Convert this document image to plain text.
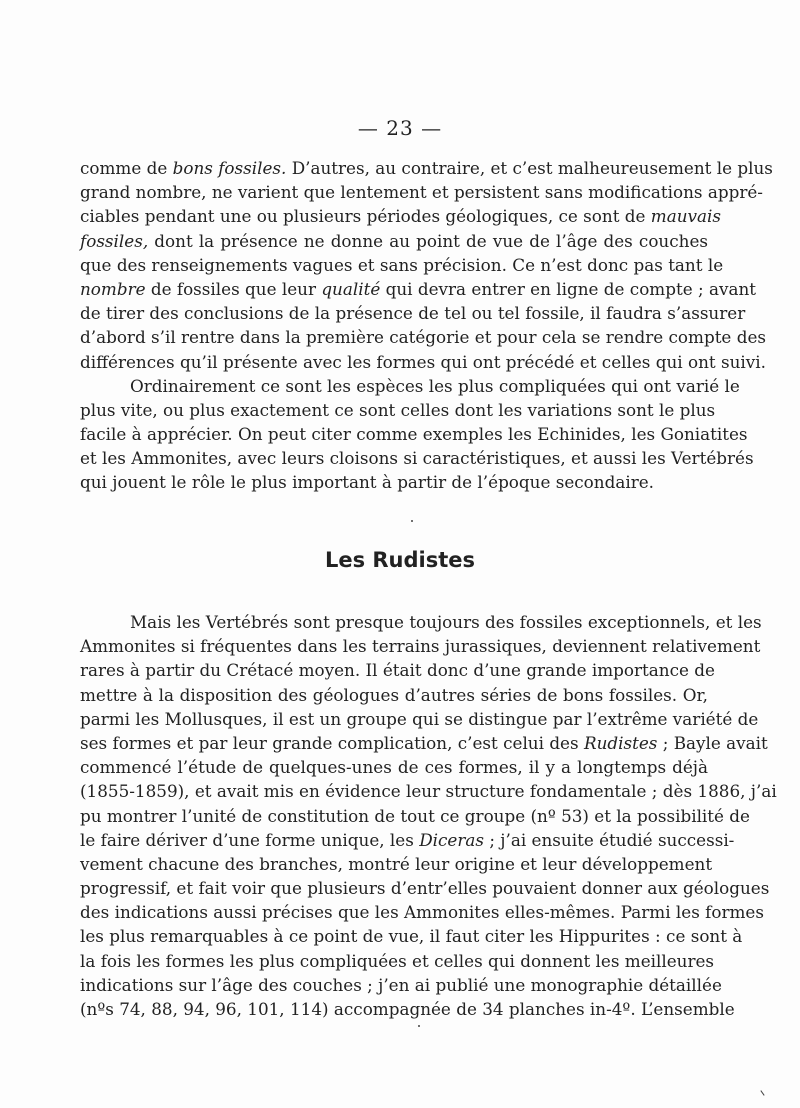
— 23 —
comme de bons fossiles. D’autres, au contraire, et c’est malheureusement le plus
grand nombre, ne varient que lentement et persistent sans modifications appré-
ciables pendant une ou plusieurs périodes géologiques, ce sont de mauvais
fossiles, dont la présence ne donne au point de vue de l’âge des couches
que des renseignements vagues et sans précision. Ce n’est donc pas tant le
nombre de fossiles que leur qualité qui devra entrer en ligne de compte ; avant
de tirer des conclusions de la présence de tel ou tel fossile, il faudra s’assurer
d’abord s’il rentre dans la première catégorie et pour cela se rendre compte des
différences qu’il présente avec les formes qui ont précédé et celles qui ont suivi.
Ordinairement ce sont les espèces les plus compliquées qui ont varié le
plus vite, ou plus exactement ce sont celles dont les variations sont le plus
facile à apprécier. On peut citer comme exemples les Echinides, les Goniatites
et les Ammonites, avec leurs cloisons si caractéristiques, et aussi les Vertébrés
qui jouent le rôle le plus important à partir de l’époque secondaire.
Les Rudistes
Mais les Vertébrés sont presque toujours des fossiles exceptionnels, et les
Ammonites si fréquentes dans les terrains jurassiques, deviennent relativement
rares à partir du Crétacé moyen. Il était donc d’une grande importance de
mettre à la disposition des géologues d’autres séries de bons fossiles. Or,
parmi les Mollusques, il est un groupe qui se distingue par l’extrême variété de
ses formes et par leur grande complication, c’est celui des Rudistes ; Bayle avait
commencé l’étude de quelques-unes de ces formes, il y a longtemps déjà
(1855-1859), et avait mis en évidence leur structure fondamentale ; dès 1886, j’ai
pu montrer l’unité de constitution de tout ce groupe (nº 53) et la possibilité de
le faire dériver d’une forme unique, les Diceras ; j’ai ensuite étudié successi-
vement chacune des branches, montré leur origine et leur développement
progressif, et fait voir que plusieurs d’entr’elles pouvaient donner aux géologues
des indications aussi précises que les Ammonites elles-mêmes. Parmi les formes
les plus remarquables à ce point de vue, il faut citer les Hippurites : ce sont à
la fois les formes les plus compliquées et celles qui donnent les meilleures
indications sur l’âge des couches ; j’en ai publié une monographie détaillée
(nºs 74, 88, 94, 96, 101, 114) accompagnée de 34 planches in-4º. L’ensemble
